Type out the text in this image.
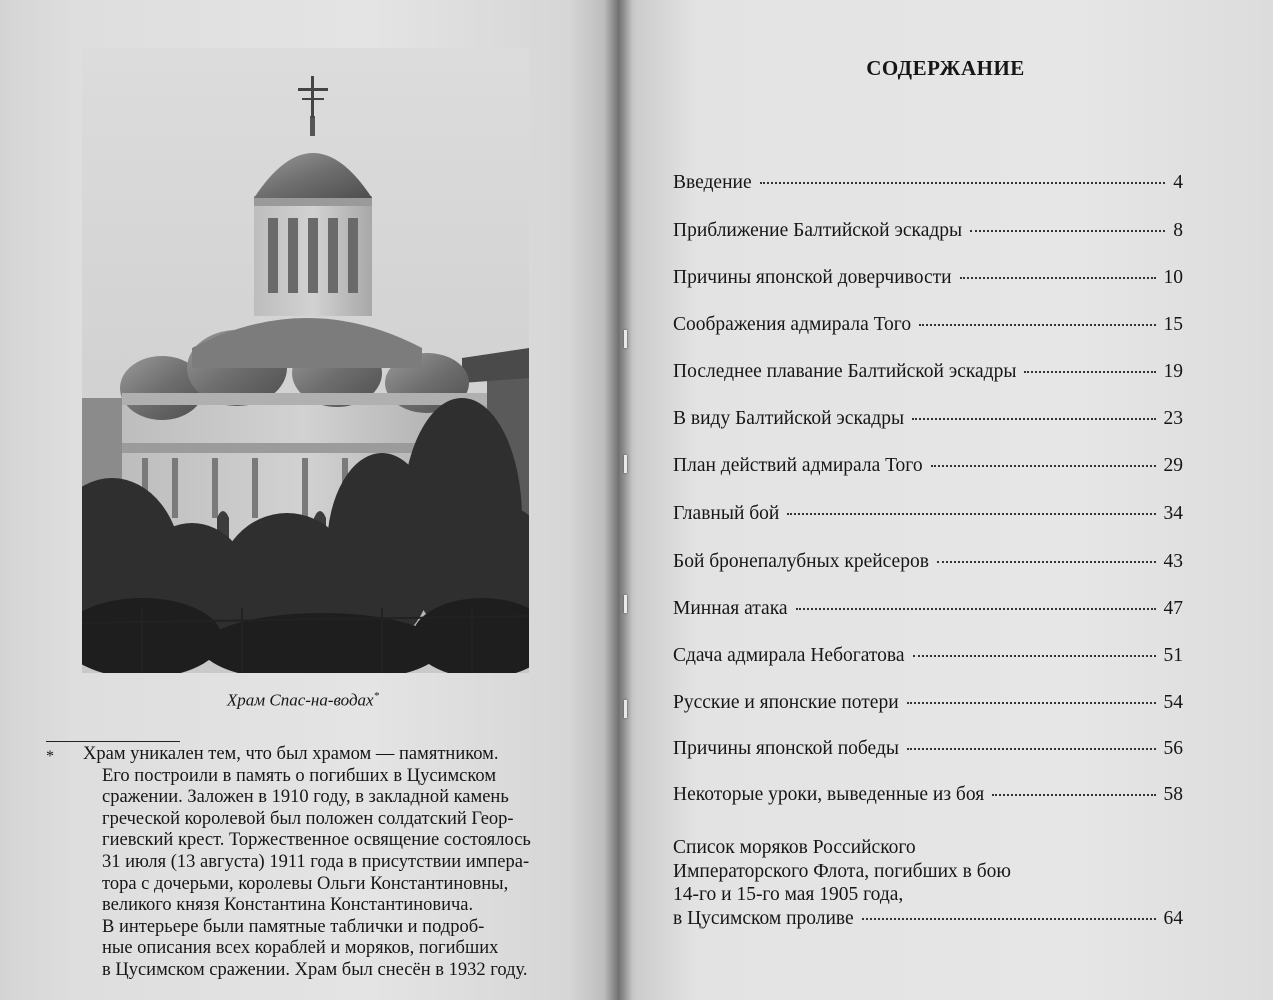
Храм Спас-на-водах*
*	Храм уникален тем, что был храмом — памятником.
Его построили в память о погибших в Цусимском
сражении. Заложен в 1910 году, в закладной камень
греческой королевой был положен солдатский Геор-
гиевский крест. Торжественное освящение состоялось
31 июля (13 августа) 1911 года в присутствии импера-
тора с дочерьми, королевы Ольги Константиновны,
великого князя Константина Константиновича.
В интерьере были памятные таблички и подроб-
ные описания всех кораблей и моряков, погибших
в Цусимском сражении. Храм был снесён в 1932 году.
СОДЕРЖАНИЕ
Введение	4
Приближение Балтийской эскадры	8
Причины японской доверчивости	10
Соображения адмирала Того	15
Последнее плавание Балтийской эскадры	19
В виду Балтийской эскадры	23
План действий адмирала Того	29
Главный бой	34
Бой бронепалубных крейсеров	43
Минная атака	47
Сдача адмирала Небогатова	51
Русские и японские потери	54
Причины японской победы	56
Некоторые уроки, выведенные из боя	58
Список моряков Российского
Императорского Флота, погибших в бою
14-го и 15-го мая 1905 года,
в Цусимском проливе	64
